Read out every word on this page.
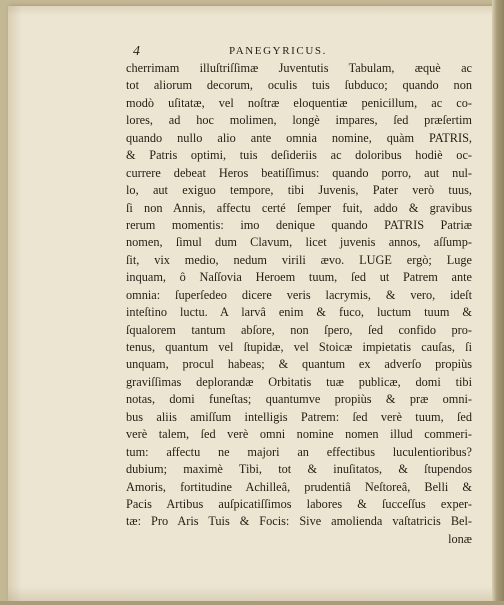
4	PANEGYRICUS.
cherrimam illuſtriſſimæ Juventutis Tabulam, æquè ac
tot aliorum decorum, oculis tuis ſubduco; quando non
modò uſitatæ, vel noſtræ eloquentiæ penicillum, ac co-
lores, ad hoc molimen, longè impares, ſed præſertim
quando nullo alio ante omnia nomine, quàm PATRIS,
& Patris optimi, tuis deſideriis ac doloribus hodiè oc-
currere debeat Heros beatiſſimus: quando porro, aut nul-
lo, aut exiguo tempore, tibi Juvenis, Pater verò tuus,
ſi non Annis, affectu certé ſemper fuit, addo & gravibus
rerum momentis: imo denique quando PATRIS Patriæ
nomen, ſimul dum Clavum, licet juvenis annos, aſſump-
ſit, vix medio, nedum virili ævo. LUGE ergò; Luge
inquam, ô Naſſovia Heroem tuum, ſed ut Patrem ante
omnia: ſuperſedeo dicere veris lacrymis, & vero, ideſt
inteſtino luctu. A larvâ enim & fuco, luctum tuum &
ſqualorem tantum abſore, non ſpero, ſed confido pro-
tenus, quantum vel ſtupidæ, vel Stoicæ impietatis cauſas, ſi
unquam, procul habeas; & quantum ex adverſo propiùs
graviſſimas deplorandæ Orbitatis tuæ publicæ, domi tibi
notas, domi funeſtas; quantumve propiùs & præ omni-
bus aliis amiſſum intelligis Patrem: ſed verè tuum, ſed
verè talem, ſed verè omni nomine nomen illud commeri-
tum: affectu ne majori an effectibus luculentioribus?
dubium; maximè Tibi, tot & inuſitatos, & ſtupendos
Amoris, fortitudine Achilleâ, prudentiâ Neſtoreâ, Belli &
Pacis Artibus auſpicatiſſimos labores & ſucceſſus exper-
tæ: Pro Aris Tuis & Focis: Sive amolienda vaſtatricis Bel-
lonæ
